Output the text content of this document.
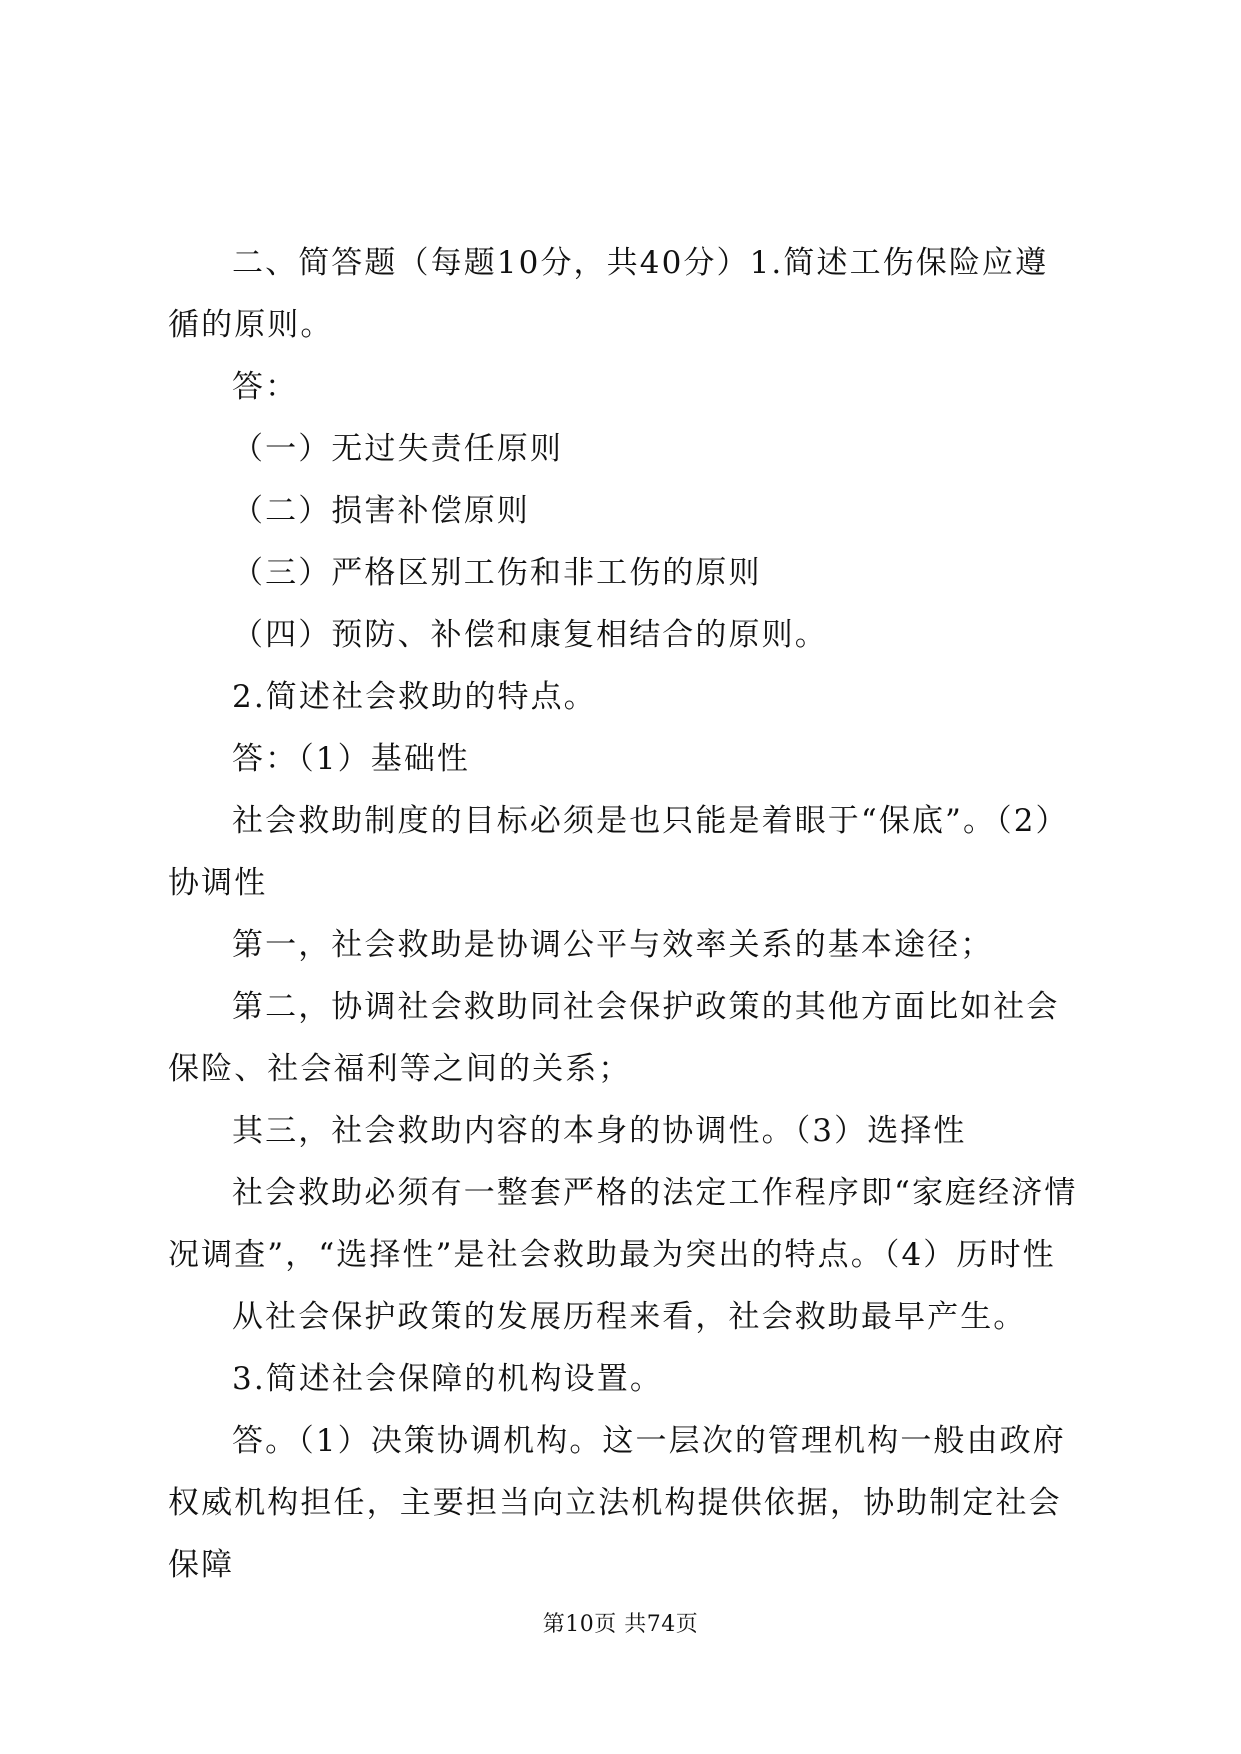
二、简答题（每题10分，共40分）1.简述工伤保险应遵循的原则。

答：

（一）无过失责任原则

（二）损害补偿原则

（三）严格区别工伤和非工伤的原则

（四）预防、补偿和康复相结合的原则。

2.简述社会救助的特点。

答：（1）基础性

社会救助制度的目标必须是也只能是着眼于“保底”。（2）协调性

第一，社会救助是协调公平与效率关系的基本途径；

第二，协调社会救助同社会保护政策的其他方面比如社会保险、社会福利等之间的关系；

其三，社会救助内容的本身的协调性。（3）选择性

社会救助必须有一整套严格的法定工作程序即“家庭经济情况调查”，“选择性”是社会救助最为突出的特点。（4）历时性

从社会保护政策的发展历程来看，社会救助最早产生。

3.简述社会保障的机构设置。

答。（1）决策协调机构。这一层次的管理机构一般由政府权威机构担任，主要担当向立法机构提供依据，协助制定社会保障

第10页 共74页
